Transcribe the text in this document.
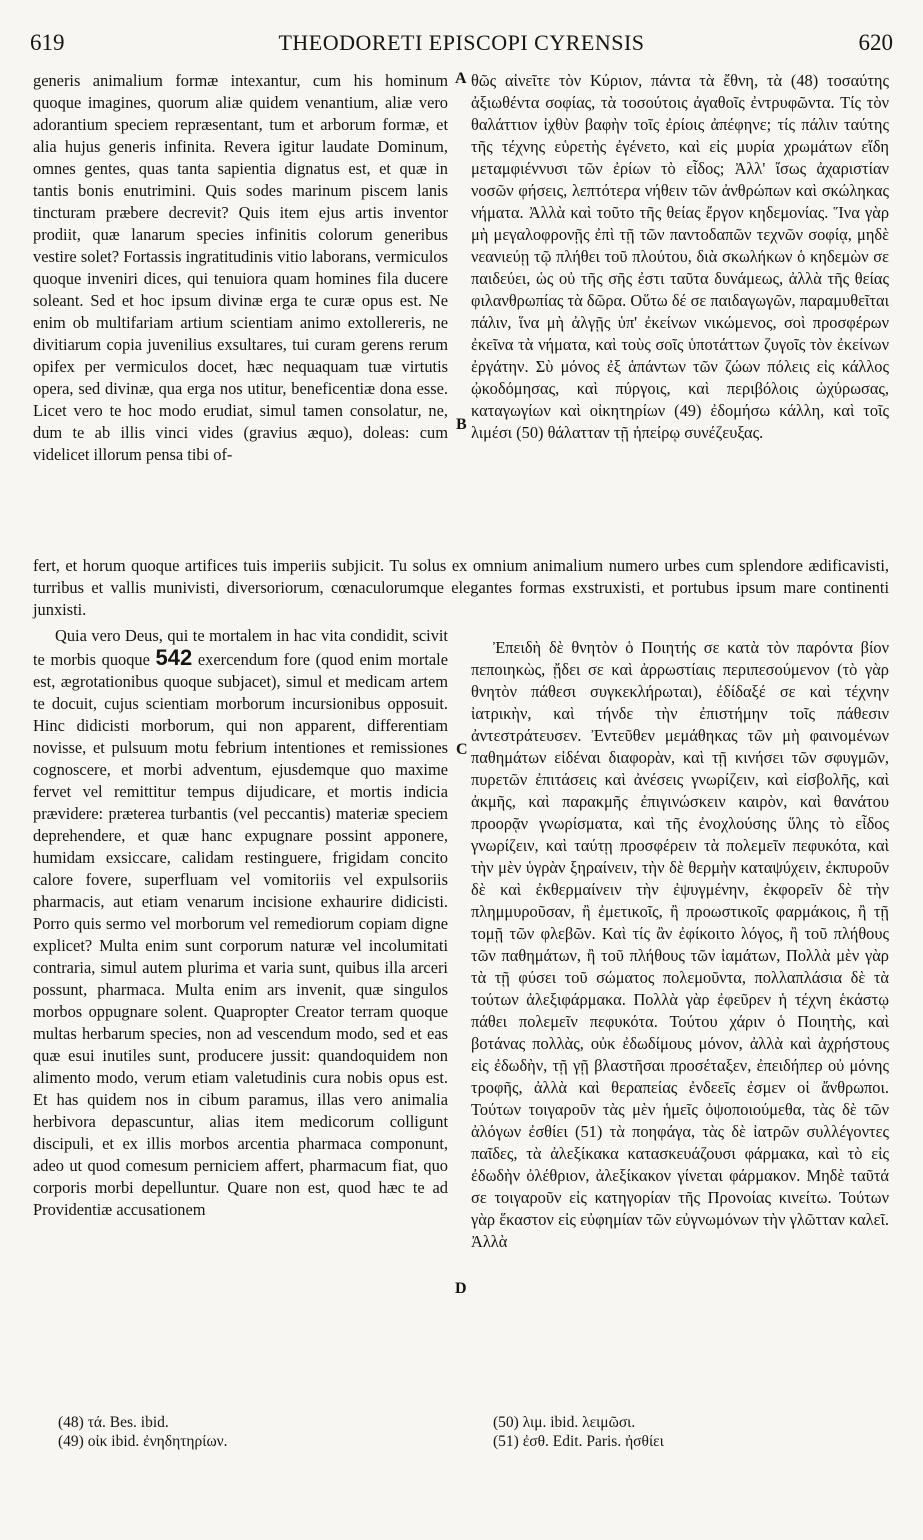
619	THEODORETI EPISCOPI CYRENSIS	620
generis animalium formæ intexantur, cum his hominum quoque imagines, quorum aliæ quidem venantium, aliæ vero adorantium speciem repræsentant, tum et arborum formæ, et alia hujus generis infinita. Revera igitur laudate Dominum, omnes gentes, quas tanta sapientia dignatus est, et quæ in tantis bonis enutrimini. Quis sodes marinum piscem lanis tincturam præbere decrevit? Quis item ejus artis inventor prodiit, quæ lanarum species infinitis colorum generibus vestire solet? Fortassis ingratitudinis vitio laborans, vermiculos quoque inveniri dices, qui tenuiora quam homines fila ducere soleant. Sed et hoc ipsum divinæ erga te curæ opus est. Ne enim ob multifariam artium scientiam animo extollereris, ne divitiarum copia juvenilius exsultares, tui curam gerens rerum opifex per vermiculos docet, hæc nequaquam tuæ virtutis opera, sed divinæ, qua erga nos utitur, beneficentiæ dona esse. Licet vero te hoc modo erudiat, simul tamen consolatur, ne, dum te ab illis vinci vides (gravius æquo), doleas: cum videlicet illorum pensa tibi of-
θῶς αἰνεῖτε τὸν Κύριον, πάντα τὰ ἔθνη, τὰ (48) τοσαύτης ἀξιωθέντα σοφίας, τὰ τοσούτοις ἀγαθοῖς ἐντρυφῶντα. Τίς τὸν θαλάττιον ἰχθὺν βαφὴν τοῖς ἐρίοις ἀπέφηνε; τίς πάλιν ταύτης τῆς τέχνης εὑρετὴς ἐγένετο, καὶ εἰς μυρία χρωμάτων εἴδη μεταμφιέννυσι τῶν ἐρίων τὸ εἶδος; Ἀλλ' ἴσως ἀχαριστίαν νοσῶν φήσεις, λεπτότερα νήθειν τῶν ἀνθρώπων καὶ σκώληκας νήματα. Ἀλλὰ καὶ τοῦτο τῆς θείας ἔργον κηδεμονίας. Ἵνα γὰρ μὴ μεγαλοφρονῇς ἐπὶ τῇ τῶν παντοδαπῶν τεχνῶν σοφίᾳ, μηδὲ νεανιεύῃ τῷ πλήθει τοῦ πλούτου, διὰ σκωλήκων ὁ κηδεμὼν σε παιδεύει, ὡς οὐ τῆς σῆς ἐστι ταῦτα δυνάμεως, ἀλλὰ τῆς θείας φιλανθρωπίας τὰ δῶρα. Οὕτω δέ σε παιδαγωγῶν, παραμυθεῖται πάλιν, ἵνα μὴ ἀλγῇς ὑπ' ἐκείνων νικώμενος, σοὶ προσφέρων ἐκεῖνα τὰ νήματα, καὶ τοὺς σοῖς ὑποτάττων ζυγοῖς τὸν ἐκείνων ἐργάτην. Σὺ μόνος ἐξ ἁπάντων τῶν ζώων πόλεις εἰς κάλλος ᾠκοδόμησας, καὶ πύργοις, καὶ περιβόλοις ὠχύρωσας, καταγωγίων καὶ οἰκητηρίων (49) ἐδομήσω κάλλη, καὶ τοῖς λιμέσι (50) θάλατταν τῇ ἠπείρῳ συνέζευξας.
A
B
C
D
fert, et horum quoque artifices tuis imperiis subjicit. Tu solus ex omnium animalium numero urbes cum splendore ædificavisti, turribus et vallis munivisti, diversoriorum, cœnaculorumque elegantes formas exstruxisti, et portubus ipsum mare continenti junxisti.
Quia vero Deus, qui te mortalem in hac vita condidit, scivit te morbis quoque 542 exercendum fore (quod enim mortale est, ægrotationibus quoque subjacet), simul et medicam artem te docuit, cujus scientiam morborum incursionibus opposuit. Hinc didicisti morborum, qui non apparent, differentiam novisse, et pulsuum motu febrium intentiones et remissiones cognoscere, et morbi adventum, ejusdemque quo maxime fervet vel remittitur tempus dijudicare, et mortis indicia prævidere: præterea turbantis (vel peccantis) materiæ speciem deprehendere, et quæ hanc expugnare possint apponere, humidam exsiccare, calidam restinguere, frigidam concito calore fovere, superfluam vel vomitoriis vel expulsoriis pharmacis, aut etiam venarum incisione exhaurire didicisti. Porro quis sermo vel morborum vel remediorum copiam digne explicet? Multa enim sunt corporum naturæ vel incolumitati contraria, simul autem plurima et varia sunt, quibus illa arceri possunt, pharmaca. Multa enim ars invenit, quæ singulos morbos oppugnare solent. Quapropter Creator terram quoque multas herbarum species, non ad vescendum modo, sed et eas quæ esui inutiles sunt, producere jussit: quandoquidem non alimento modo, verum etiam valetudinis cura nobis opus est. Et has quidem nos in cibum paramus, illas vero animalia herbivora depascuntur, alias item medicorum colligunt discipuli, et ex illis morbos arcentia pharmaca componunt, adeo ut quod comesum perniciem affert, pharmacum fiat, quo corporis morbi depelluntur. Quare non est, quod hæc te ad Providentiæ accusationem
Ἐπειδὴ δὲ θνητὸν ὁ Ποιητής σε κατὰ τὸν παρόντα βίον πεποιηκὼς, ᾔδει σε καὶ ἀρρωστίαις περιπεσούμενον (τὸ γὰρ θνητὸν πάθεσι συγκεκλήρωται), ἐδίδαξέ σε καὶ τέχνην ἰατρικὴν, καὶ τήνδε τὴν ἐπιστήμην τοῖς πάθεσιν ἀντεστράτευσεν. Ἐντεῦθεν μεμάθηκας τῶν μὴ φαινομένων παθημάτων εἰδέναι διαφορὰν, καὶ τῇ κινήσει τῶν σφυγμῶν, πυρετῶν ἐπιτάσεις καὶ ἀνέσεις γνωρίζειν, καὶ εἰσβολῆς, καὶ ἀκμῆς, καὶ παρακμῆς ἐπιγινώσκειν καιρὸν, καὶ θανάτου προορᾷν γνωρίσματα, καὶ τῆς ἐνοχλούσης ὕλης τὸ εἶδος γνωρίζειν, καὶ ταύτῃ προσφέρειν τὰ πολεμεῖν πεφυκότα, καὶ τὴν μὲν ὑγρὰν ξηραίνειν, τὴν δὲ θερμὴν καταψύχειν, ἐκπυροῦν δὲ καὶ ἐκθερμαίνειν τὴν ἐψυγμένην, ἐκφορεῖν δὲ τὴν πλημμυροῦσαν, ἢ ἐμετικοῖς, ἢ προωστικοῖς φαρμάκοις, ἢ τῇ τομῇ τῶν φλεβῶν. Καὶ τίς ἂν ἐφίκοιτο λόγος, ἢ τοῦ πλήθους τῶν παθημάτων, ἢ τοῦ πλήθους τῶν ἰαμάτων, Πολλὰ μὲν γὰρ τὰ τῇ φύσει τοῦ σώματος πολεμοῦντα, πολλαπλάσια δὲ τὰ τούτων ἀλεξιφάρμακα. Πολλὰ γὰρ ἐφεῦρεν ἡ τέχνη ἑκάστῳ πάθει πολεμεῖν πεφυκότα. Τούτου χάριν ὁ Ποιητὴς, καὶ βοτάνας πολλὰς, οὐκ ἐδωδίμους μόνον, ἀλλὰ καὶ ἀχρήστους εἰς ἐδωδὴν, τῇ γῇ βλαστῆσαι προσέταξεν, ἐπειδήπερ οὐ μόνης τροφῆς, ἀλλὰ καὶ θεραπείας ἐνδεεῖς ἐσμεν οἱ ἄνθρωποι. Τούτων τοιγαροῦν τὰς μὲν ἡμεῖς ὀψοποιούμεθα, τὰς δὲ τῶν ἀλόγων ἐσθίει (51) τὰ ποηφάγα, τὰς δὲ ἰατρῶν συλλέγοντες παῖδες, τὰ ἀλεξίκακα κατασκευάζουσι φάρμακα, καὶ τὸ εἰς ἐδωδὴν ὀλέθριον, ἀλεξίκακον γίνεται φάρμακον. Μηδὲ ταῦτά σε τοιγαροῦν εἰς κατηγορίαν τῆς Προνοίας κινείτω. Τούτων γὰρ ἕκαστον εἰς εὐφημίαν τῶν εὐγνωμόνων τὴν γλῶτταν καλεῖ. Ἀλλὰ
(48) τά. Bes. ibid.
(49) οἰκ ibid. ἐνηδητηρίων.
(50) λιμ. ibid. λειμῶσι.
(51) ἐσθ. Edit. Paris. ἠσθίει
